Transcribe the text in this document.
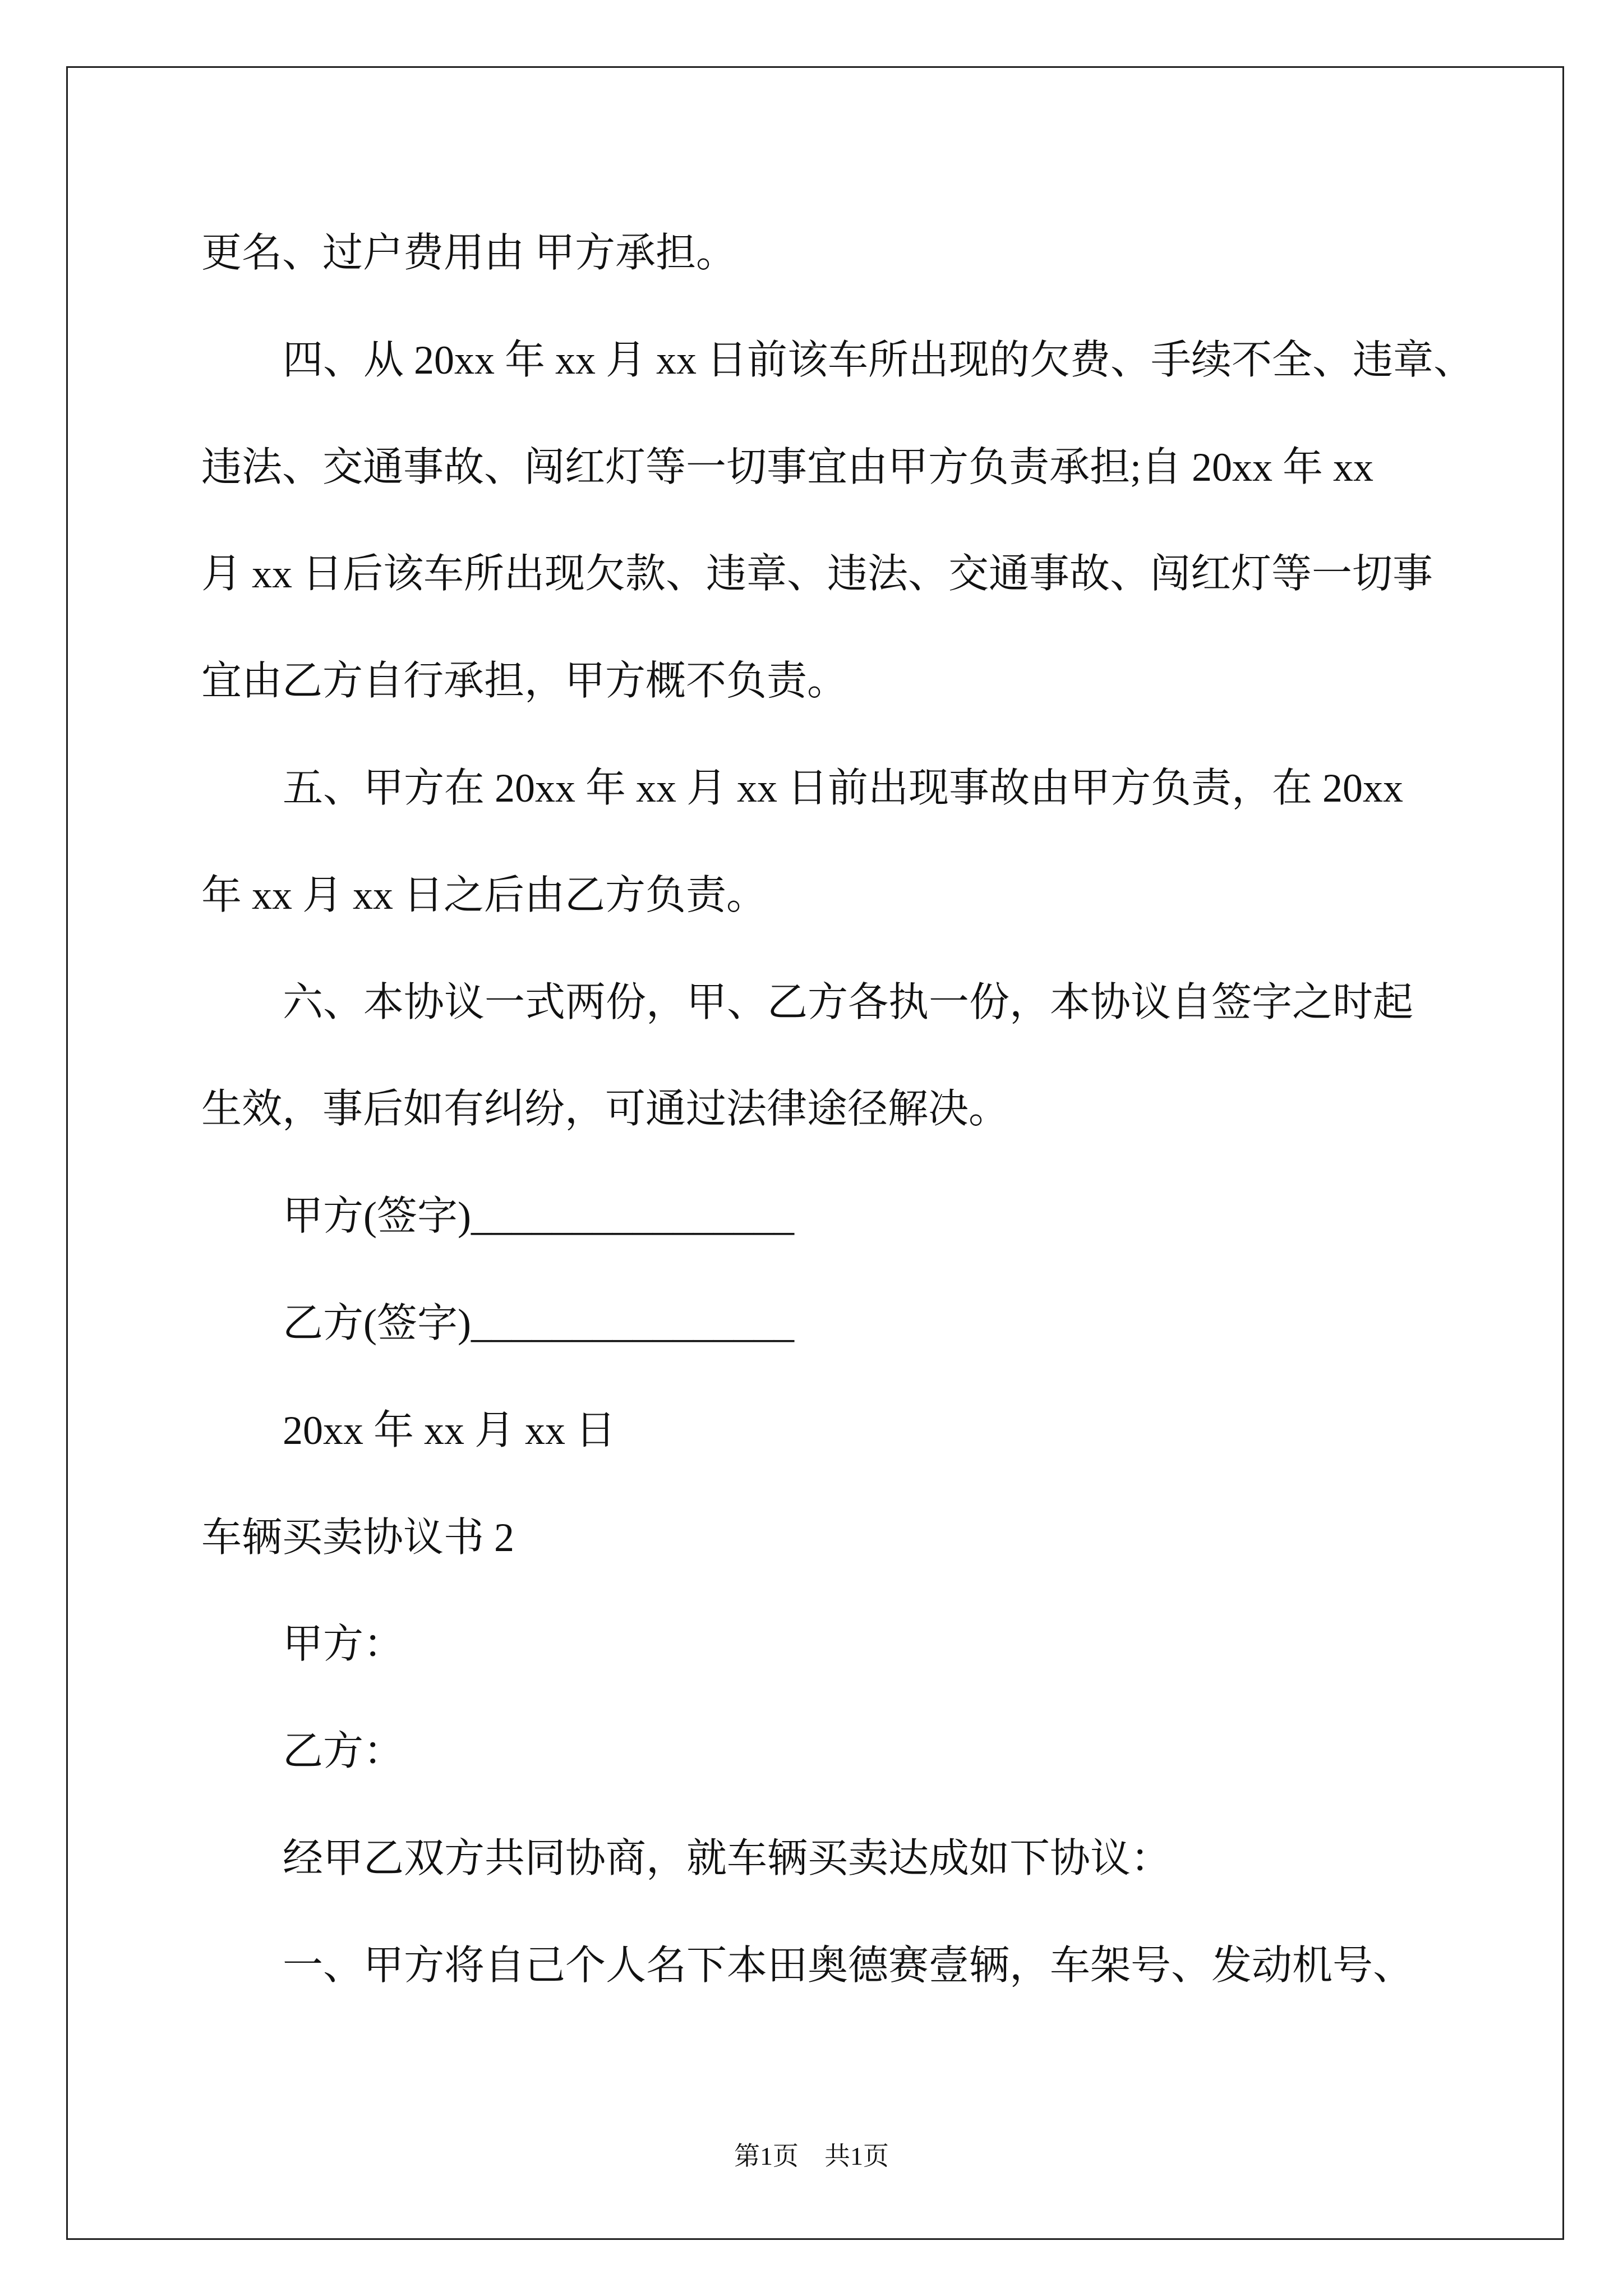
更名、过户费用由 甲方承担。
四、从 20xx 年 xx 月 xx 日前该车所出现的欠费、手续不全、违章、
违法、交通事故、闯红灯等一切事宜由甲方负责承担;自 20xx 年 xx
月 xx 日后该车所出现欠款、违章、违法、交通事故、闯红灯等一切事
宜由乙方自行承担，甲方概不负责。
五、甲方在 20xx 年 xx 月 xx 日前出现事故由甲方负责，在 20xx
年 xx 月 xx 日之后由乙方负责。
六、本协议一式两份，甲、乙方各执一份，本协议自签字之时起
生效，事后如有纠纷，可通过法律途径解决。
甲方(签字)________________
乙方(签字)________________
20xx 年 xx 月 xx 日
车辆买卖协议书 2
甲方：
乙方：
经甲乙双方共同协商，就车辆买卖达成如下协议：
一、甲方将自己个人名下本田奥德赛壹辆，车架号、发动机号、
第1页 共1页
